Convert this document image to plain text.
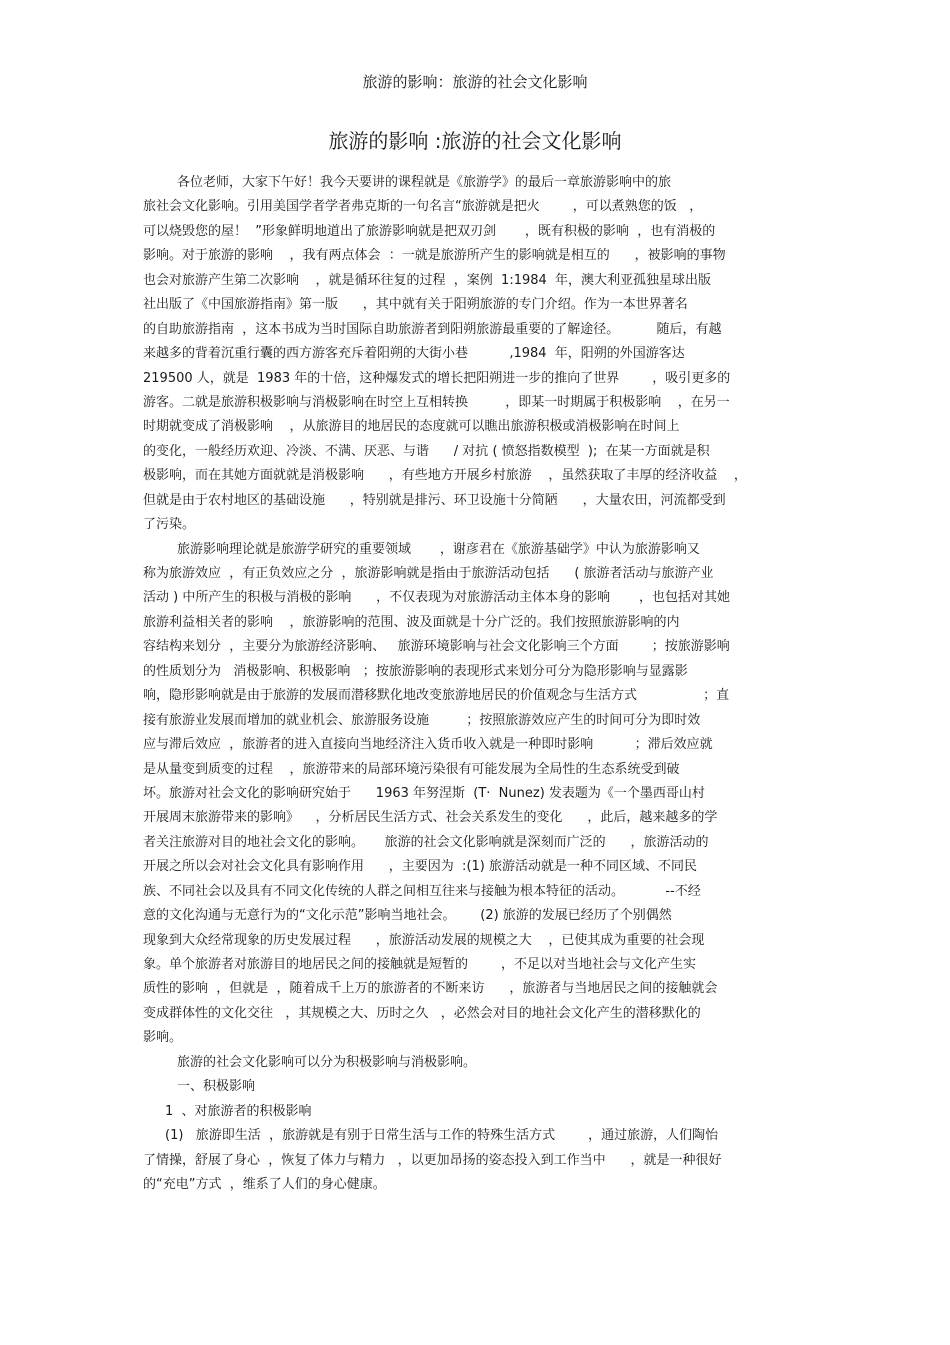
旅游的影响：旅游的社会文化影响
旅游的影响 :旅游的社会文化影响
各位老师，大家下午好！我今天要讲的课程就是《旅游学》的最后一章旅游影响中的旅
旅社会文化影响。引用美国学者学者弗克斯的一句名言“旅游就是把火        ，可以煮熟您的饭   ，
可以烧毁您的屋！  ”形象鲜明地道出了旅游影响就是把双刃剑       ，既有积极的影响  ，也有消极的
影响。对于旅游的影响    ，我有两点体会  ：一就是旅游所产生的影响就是相互的      ，被影响的事物
也会对旅游产生第二次影响    ，就是循环往复的过程  ，案例  1:1984  年，澳大利亚孤独星球出版
社出版了《中国旅游指南》第一版      ，其中就有关于阳朔旅游的专门介绍。作为一本世界著名
的自助旅游指南  ，这本书成为当时国际自助旅游者到阳朔旅游最重要的了解途径。         随后，有越
来越多的背着沉重行囊的西方游客充斥着阳朔的大街小巷          ,1984  年，阳朔的外国游客达
219500 人，就是  1983 年的十倍，这种爆发式的增长把阳朔进一步的推向了世界        ，吸引更多的
游客。二就是旅游积极影响与消极影响在时空上互相转换         ，即某一时期属于积极影响    ，在另一
时期就变成了消极影响    ，从旅游目的地居民的态度就可以瞧出旅游积极或消极影响在时间上
的变化，一般经历欢迎、冷淡、不满、厌恶、与谐      / 对抗 ( 愤怒指数模型  );  在某一方面就是积
极影响，而在其她方面就就是消极影响      ，有些地方开展乡村旅游    ，虽然获取了丰厚的经济收益    ，
但就是由于农村地区的基础设施      ，特别就是排污、环卫设施十分简陋      ，大量农田，河流都受到
了污染。
旅游影响理论就是旅游学研究的重要领域       ，谢彦君在《旅游基础学》中认为旅游影响又
称为旅游效应  ，有正负效应之分  ，旅游影响就是指由于旅游活动包括      ( 旅游者活动与旅游产业
活动 ) 中所产生的积极与消极的影响      ，不仅表现为对旅游活动主体本身的影响       ，也包括对其她
旅游利益相关者的影响    ，旅游影响的范围、波及面就是十分广泛的。我们按照旅游影响的内
容结构来划分  ，主要分为旅游经济影响、   旅游环境影响与社会文化影响三个方面        ；按旅游影响
的性质划分为   消极影响、积极影响   ；按旅游影响的表现形式来划分可分为隐形影响与显露影
响，隐形影响就是由于旅游的发展而潜移默化地改变旅游地居民的价值观念与生活方式                ；直
接有旅游业发展而增加的就业机会、旅游服务设施         ；按照旅游效应产生的时间可分为即时效
应与滞后效应  ，旅游者的进入直接向当地经济注入货币收入就是一种即时影响          ；滞后效应就
是从量变到质变的过程    ，旅游带来的局部环境污染很有可能发展为全局性的生态系统受到破
坏。旅游对社会文化的影响研究始于      1963 年努涅斯  (T·  Nunez) 发表题为《一个墨西哥山村
开展周末旅游带来的影响》    ，分析居民生活方式、社会关系发生的变化      ，此后，越来越多的学
者关注旅游对目的地社会文化的影响。     旅游的社会文化影响就是深刻而广泛的      ，旅游活动的
开展之所以会对社会文化具有影响作用      ，主要因为  :(1) 旅游活动就是一种不同区域、不同民
族、不同社会以及具有不同文化传统的人群之间相互往来与接触为根本特征的活动。          --不经
意的文化沟通与无意行为的“文化示范”影响当地社会。      (2) 旅游的发展已经历了个别偶然
现象到大众经常现象的历史发展过程      ，旅游活动发展的规模之大    ，已使其成为重要的社会现
象。单个旅游者对旅游目的地居民之间的接触就是短暂的        ，不足以对当地社会与文化产生实
质性的影响  ，但就是  ，随着成千上万的旅游者的不断来访      ，旅游者与当地居民之间的接触就会
变成群体性的文化交往   ，其规模之大、历时之久   ，必然会对目的地社会文化产生的潜移默化的
影响。
旅游的社会文化影响可以分为积极影响与消极影响。
一、积极影响
1  、对旅游者的积极影响
(1)   旅游即生活  ，旅游就是有别于日常生活与工作的特殊生活方式        ，通过旅游，人们陶怡
了情操，舒展了身心  ，恢复了体力与精力   ，以更加昂扬的姿态投入到工作当中      ，就是一种很好
的“充电”方式  ，维系了人们的身心健康。
